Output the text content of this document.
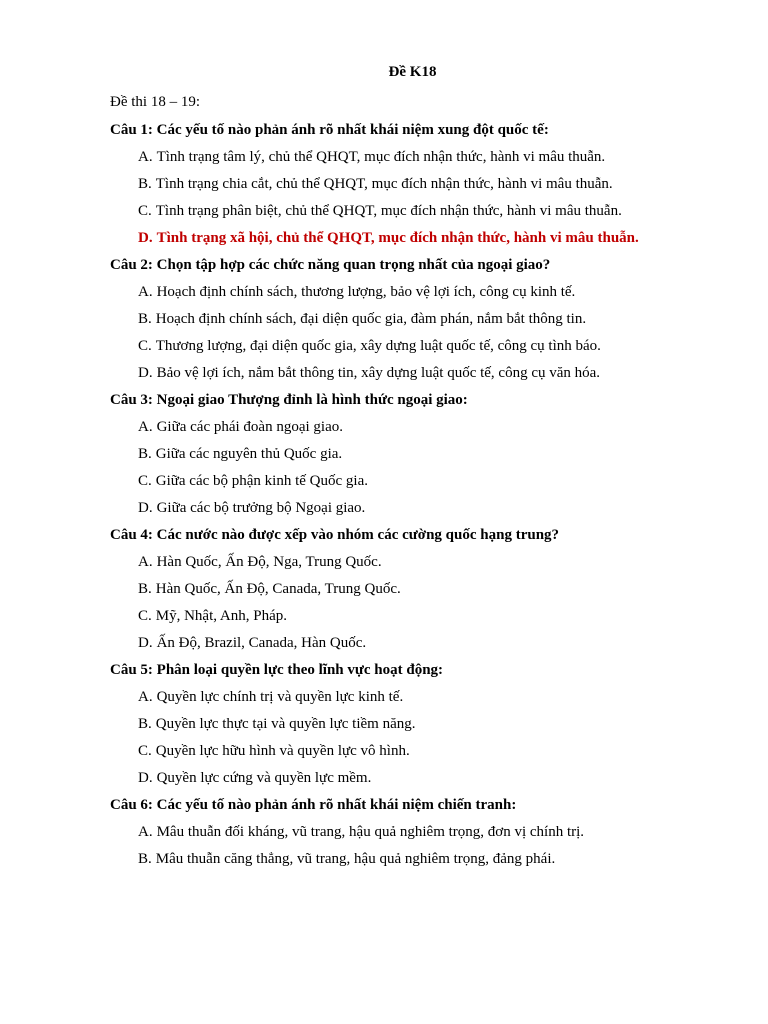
Đề K18
Đề thi 18 – 19:
Câu 1: Các yếu tố nào phản ánh rõ nhất khái niệm xung đột quốc tế:
A. Tình trạng tâm lý, chủ thể QHQT, mục đích nhận thức, hành vi mâu thuẫn.
B. Tình trạng chia cắt, chủ thể QHQT, mục đích nhận thức, hành vi mâu thuẫn.
C. Tình trạng phân biệt, chủ thể QHQT, mục đích nhận thức, hành vi mâu thuẫn.
D. Tình trạng xã hội, chủ thể QHQT, mục đích nhận thức, hành vi mâu thuẫn.
Câu 2: Chọn tập hợp các chức năng quan trọng nhất của ngoại giao?
A. Hoạch định chính sách, thương lượng, bảo vệ lợi ích, công cụ kinh tế.
B. Hoạch định chính sách, đại diện quốc gia, đàm phán, nắm bắt thông tin.
C. Thương lượng, đại diện quốc gia, xây dựng luật quốc tế, công cụ tình báo.
D. Bảo vệ lợi ích, nắm bắt thông tin, xây dựng luật quốc tế, công cụ văn hóa.
Câu 3: Ngoại giao Thượng đỉnh là hình thức ngoại giao:
A. Giữa các phái đoàn ngoại giao.
B. Giữa các nguyên thủ Quốc gia.
C. Giữa các bộ phận kinh tế Quốc gia.
D. Giữa các bộ trưởng bộ Ngoại giao.
Câu 4: Các nước nào được xếp vào nhóm các cường quốc hạng trung?
A. Hàn Quốc, Ấn Độ, Nga, Trung Quốc.
B. Hàn Quốc, Ấn Độ, Canada, Trung Quốc.
C. Mỹ, Nhật, Anh, Pháp.
D. Ấn Độ, Brazil, Canada, Hàn Quốc.
Câu 5: Phân loại quyền lực theo lĩnh vực hoạt động:
A. Quyền lực chính trị và quyền lực kinh tế.
B. Quyền lực thực tại và quyền lực tiềm năng.
C. Quyền lực hữu hình và quyền lực vô hình.
D. Quyền lực cứng và quyền lực mềm.
Câu 6: Các yếu tố nào phản ánh rõ nhất khái niệm chiến tranh:
A. Mâu thuẫn đối kháng, vũ trang, hậu quả nghiêm trọng, đơn vị chính trị.
B. Mâu thuẫn căng thẳng, vũ trang, hậu quả nghiêm trọng, đảng phái.
